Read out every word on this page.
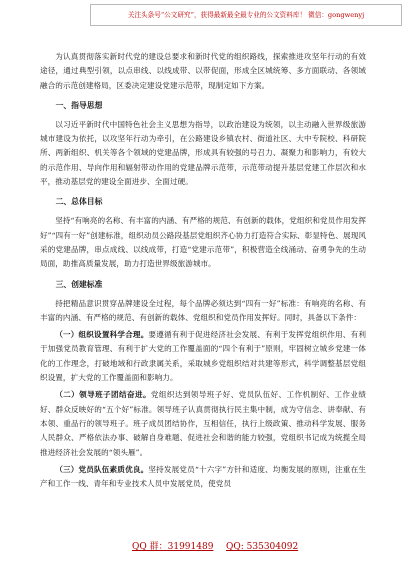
关注头条号“公文研究”，获得最新最全最专业的公文资料库！ 微信：gongwenyj

为认真贯彻落实新时代党的建设总要求和新时代党的组织路线，探索推进攻坚年行动的有效途径，通过典型引领，以点串线、以线成带、以带促面，形成全区城统筹、多方面联动、各领域融合的示范创建格局，区委决定建设党建示范带，现制定如下方案。

一、指导思想

以习近平新时代中国特色社会主义思想为指导，以政治建设为统领，以主动融入世界级旅游城市建设为依托，以攻坚年行动为牵引，在公路建设乡镇农村、街道社区、大中专院校、科研院所、两新组织、机关等各个领域的党建品牌，形成具有较强的号召力、凝聚力和影响力，有较大的示范作用、导向作用和辐射带动作用的党建品牌示范带，示范带动提升基层党建工作层次和水平，推动基层党的建设全面进步、全面过硬。

二、总体目标

坚持“有响亮的名称、有丰富的内涵、有严格的规范、有创新的载体，党组织和党员作用发挥好”“四有一好”创建标准，组织动员公路段基层党组织齐心协力打造符合实际、彰显特色、展现风采的党建品牌，串点成线、以线成带，打造“党建示范带”，积极营造全线涌动、奋勇争先的生动局面，助推高质量发展，助力打造世界级旅游城市。

三、创建标准

持把精品意识贯穿品牌建设全过程，每个品牌必须达到“四有一好”标准：有响亮的名称、有丰富的内涵、有严格的规范、有创新的载体、党组织和党员作用发挥好。同时，具备以下条件：

（一）组织设置科学合理。要遵循有利于促进经济社会发展、有利于发挥党组织作用、有利于加强党员教育管理、有利于扩大党的工作覆盖面的“四个有利于”原则，牢固树立城乡党建一体化的工作理念，打破地域和行政隶属关系，采取城乡党组织结对共建等形式，科学调整基层党组织设置，扩大党的工作覆盖面和影响力。

（二）领导班子团结奋进。党组织达到领导班子好、党员队伍好、工作机制好、工作业绩好、群众反映好的“五个好”标准。领导班子认真贯彻执行民主集中制，成为守信念、讲奉献、有本领、重品行的领导班子。班子成员团结协作，互相信任，执行上级政策、推动科学发展、服务人民群众、严格依法办事、破解自身难题、促进社会和谐的能力较强，党组织书记成为统揽全局推进经济社会发展的“领头雁”。

（三）党员队伍素质优良。坚持发展党员“十六字”方针和适度、均衡发展的原则，注重在生产和工作一线、青年和专业技术人员中发展党员，使党员

QQ 群：31991489 QQ: 535304092
